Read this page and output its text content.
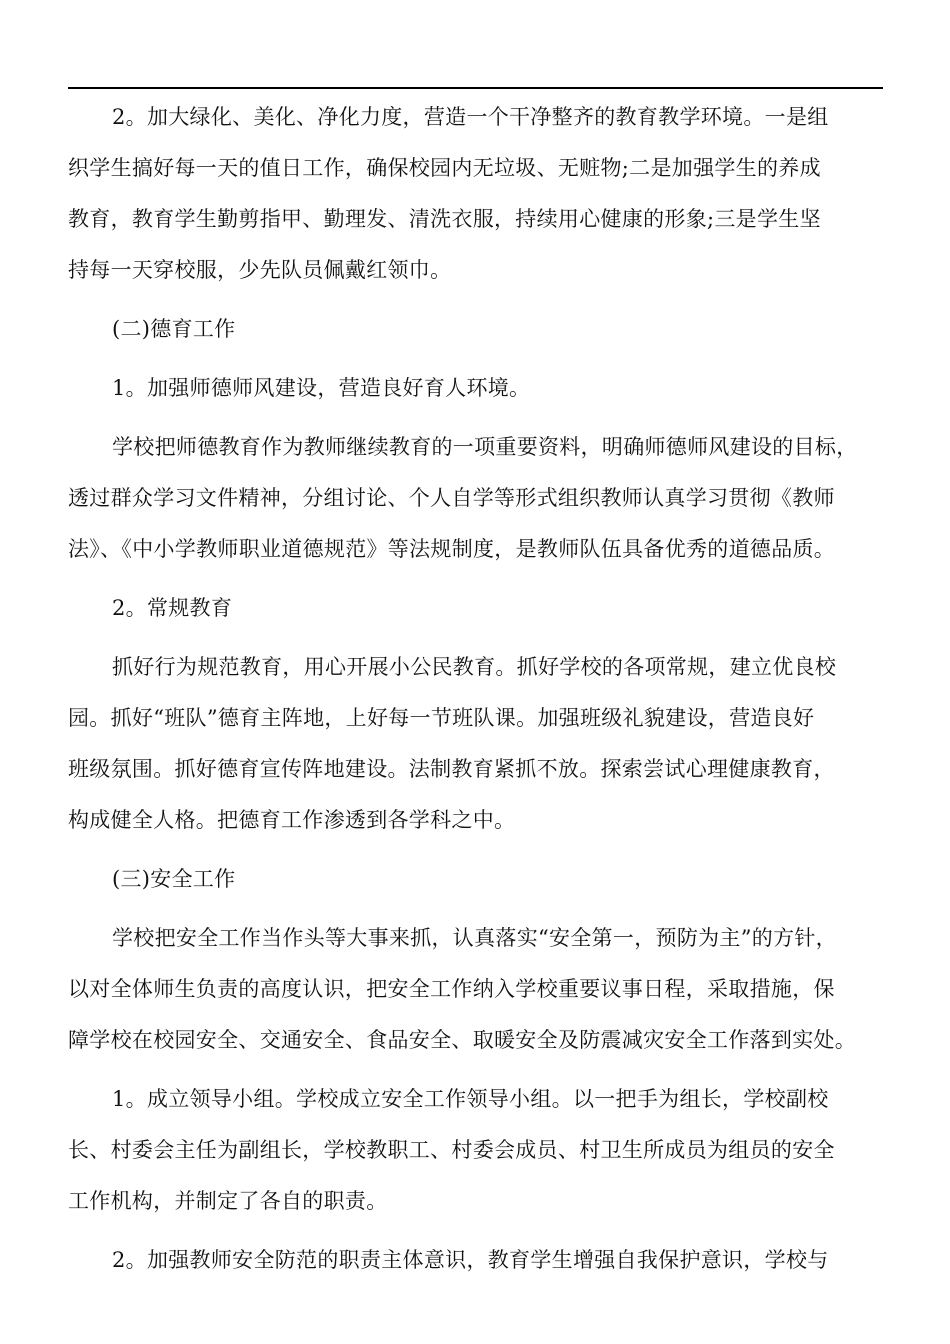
2。加大绿化、美化、净化力度，营造一个干净整齐的教育教学环境。一是组
织学生搞好每一天的值日工作，确保校园内无垃圾、无赃物;二是加强学生的养成
教育，教育学生勤剪指甲、勤理发、清洗衣服，持续用心健康的形象;三是学生坚
持每一天穿校服，少先队员佩戴红领巾。
(二)德育工作
1。加强师德师风建设，营造良好育人环境。
学校把师德教育作为教师继续教育的一项重要资料，明确师德师风建设的目标，
透过群众学习文件精神，分组讨论、个人自学等形式组织教师认真学习贯彻《教师
法》、《中小学教师职业道德规范》等法规制度，是教师队伍具备优秀的道德品质。
2。常规教育
抓好行为规范教育，用心开展小公民教育。抓好学校的各项常规，建立优良校
园。抓好“班队”德育主阵地，上好每一节班队课。加强班级礼貌建设，营造良好
班级氛围。抓好德育宣传阵地建设。法制教育紧抓不放。探索尝试心理健康教育，
构成健全人格。把德育工作渗透到各学科之中。
(三)安全工作
学校把安全工作当作头等大事来抓，认真落实“安全第一，预防为主”的方针，
以对全体师生负责的高度认识，把安全工作纳入学校重要议事日程，采取措施，保
障学校在校园安全、交通安全、食品安全、取暖安全及防震减灾安全工作落到实处。
1。成立领导小组。学校成立安全工作领导小组。以一把手为组长，学校副校
长、村委会主任为副组长，学校教职工、村委会成员、村卫生所成员为组员的安全
工作机构，并制定了各自的职责。
2。加强教师安全防范的职责主体意识，教育学生增强自我保护意识，学校与
